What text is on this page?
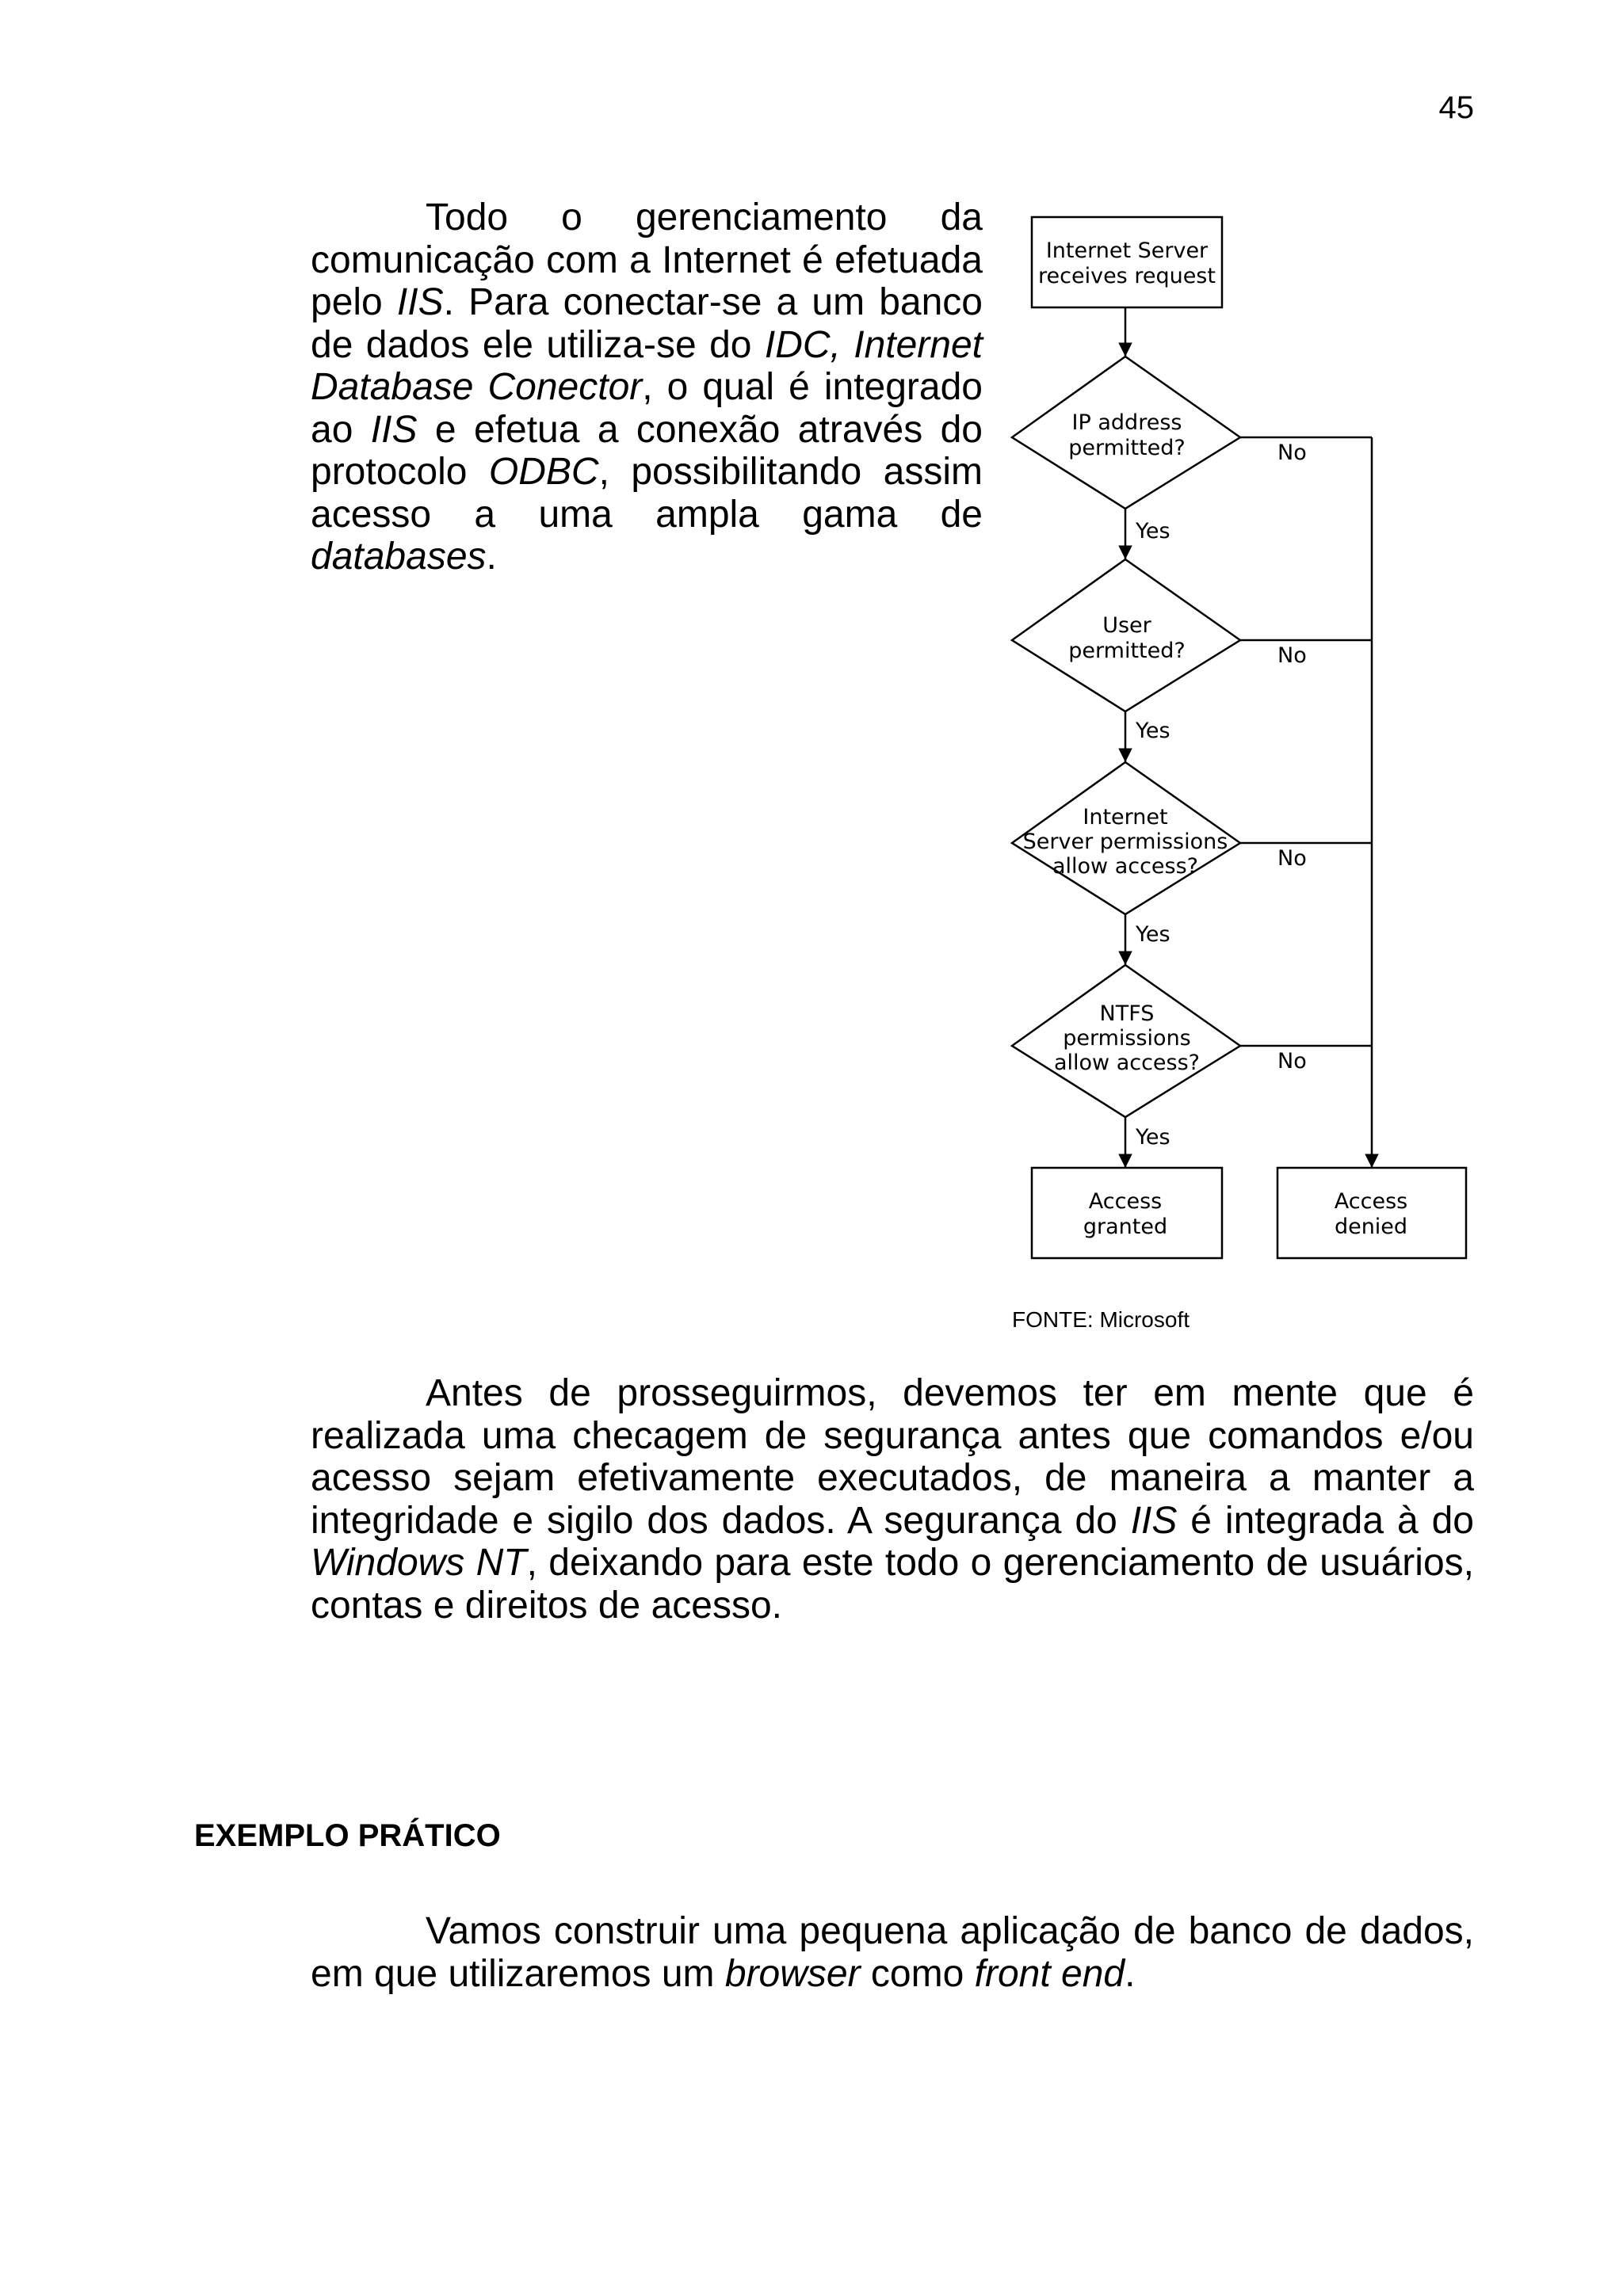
45

Todo o gerenciamento da comunicação com a Internet é efetuada pelo IIS. Para conectar-se a um banco de dados ele utiliza-se do IDC, Internet Database Conector, o qual é integrado ao IIS e efetua a conexão através do protocolo ODBC, possibilitando assim acesso a uma ampla gama de databases.

Internet Server
receives request
IP address
permitted?
User
permitted?
Internet
Server permissions
allow access?
NTFS
permissions
allow access?
Yes
Yes
Yes
Yes
No
No
No
No
Access
granted
Access
denied
FONTE: Microsoft

Antes de prosseguirmos, devemos ter em mente que é realizada uma checagem de segurança antes que comandos e/ou acesso sejam efetivamente executados, de maneira a manter a integridade e sigilo dos dados. A segurança do IIS é integrada à do Windows NT, deixando para este todo o gerenciamento de usuários, contas e direitos de acesso.

EXEMPLO PRÁTICO

Vamos construir uma pequena aplicação de banco de dados, em que utilizaremos um browser como front end.
